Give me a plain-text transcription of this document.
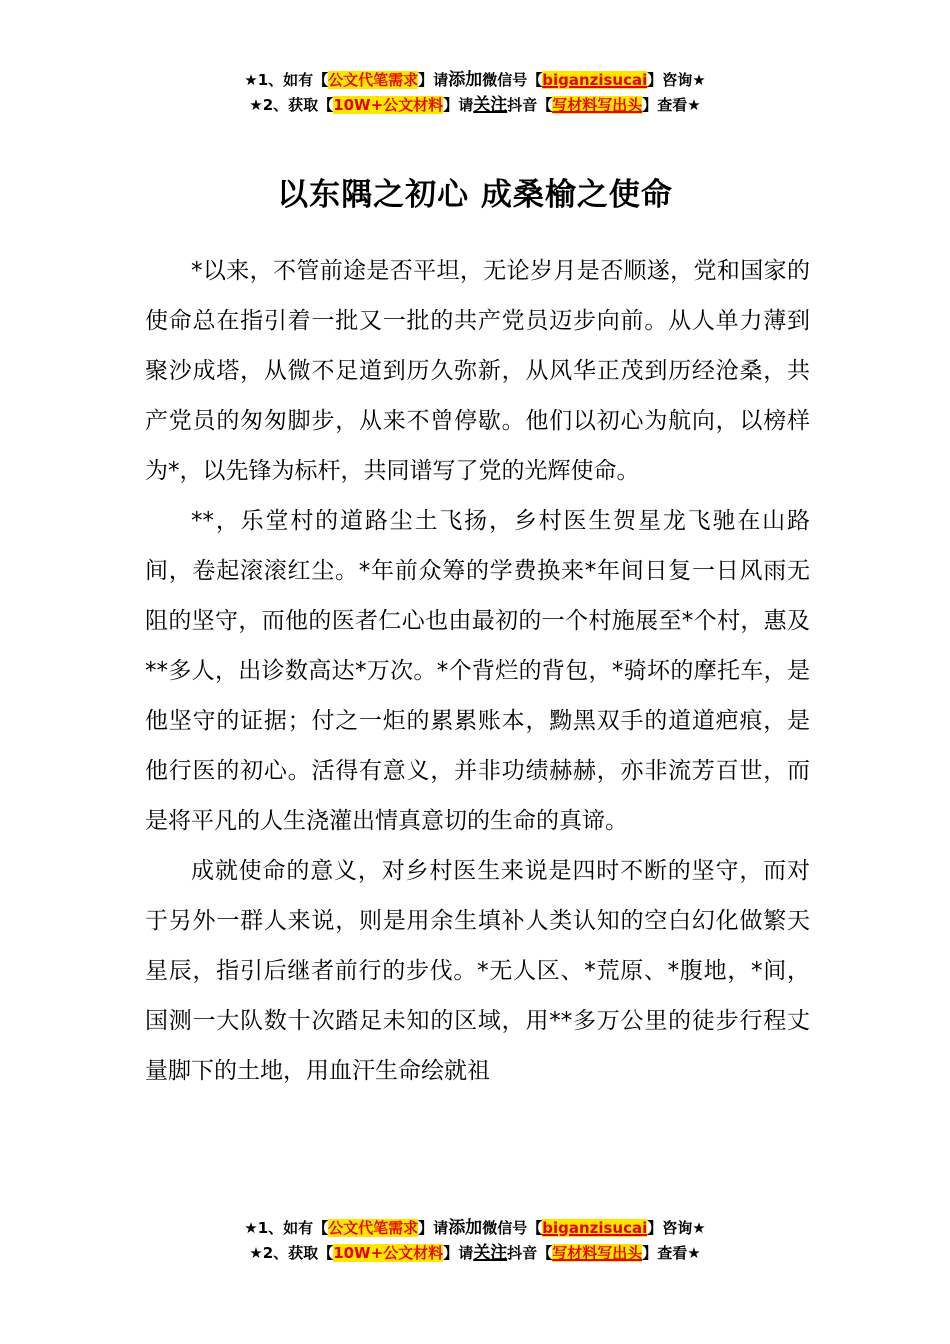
★1、如有【公文代笔需求】请添加微信号【biganzisucai】咨询★
★2、获取【10W+公文材料】请关注抖音【写材料写出头】查看★
以东隅之初心 成桑榆之使命

*以来，不管前途是否平坦，无论岁月是否顺遂，党和国家的使命总在指引着一批又一批的共产党员迈步向前。从人单力薄到聚沙成塔，从微不足道到历久弥新，从风华正茂到历经沧桑，共产党员的匆匆脚步，从来不曾停歇。他们以初心为航向，以榜样为*，以先锋为标杆，共同谱写了党的光辉使命。

**，乐堂村的道路尘土飞扬，乡村医生贺星龙飞驰在山路间，卷起滚滚红尘。*年前众筹的学费换来*年间日复一日风雨无阻的坚守，而他的医者仁心也由最初的一个村施展至*个村，惠及**多人，出诊数高达*万次。*个背烂的背包，*骑坏的摩托车，是他坚守的证据；付之一炬的累累账本，黝黑双手的道道疤痕，是他行医的初心。活得有意义，并非功绩赫赫，亦非流芳百世，而是将平凡的人生浇灌出情真意切的生命的真谛。

成就使命的意义，对乡村医生来说是四时不断的坚守，而对于另外一群人来说，则是用余生填补人类认知的空白幻化做繁天星辰，指引后继者前行的步伐。*无人区、*荒原、*腹地，*间，国测一大队数十次踏足未知的区域，用**多万公里的徒步行程丈量脚下的土地，用血汗生命绘就祖

★1、如有【公文代笔需求】请添加微信号【biganzisucai】咨询★
★2、获取【10W+公文材料】请关注抖音【写材料写出头】查看★
